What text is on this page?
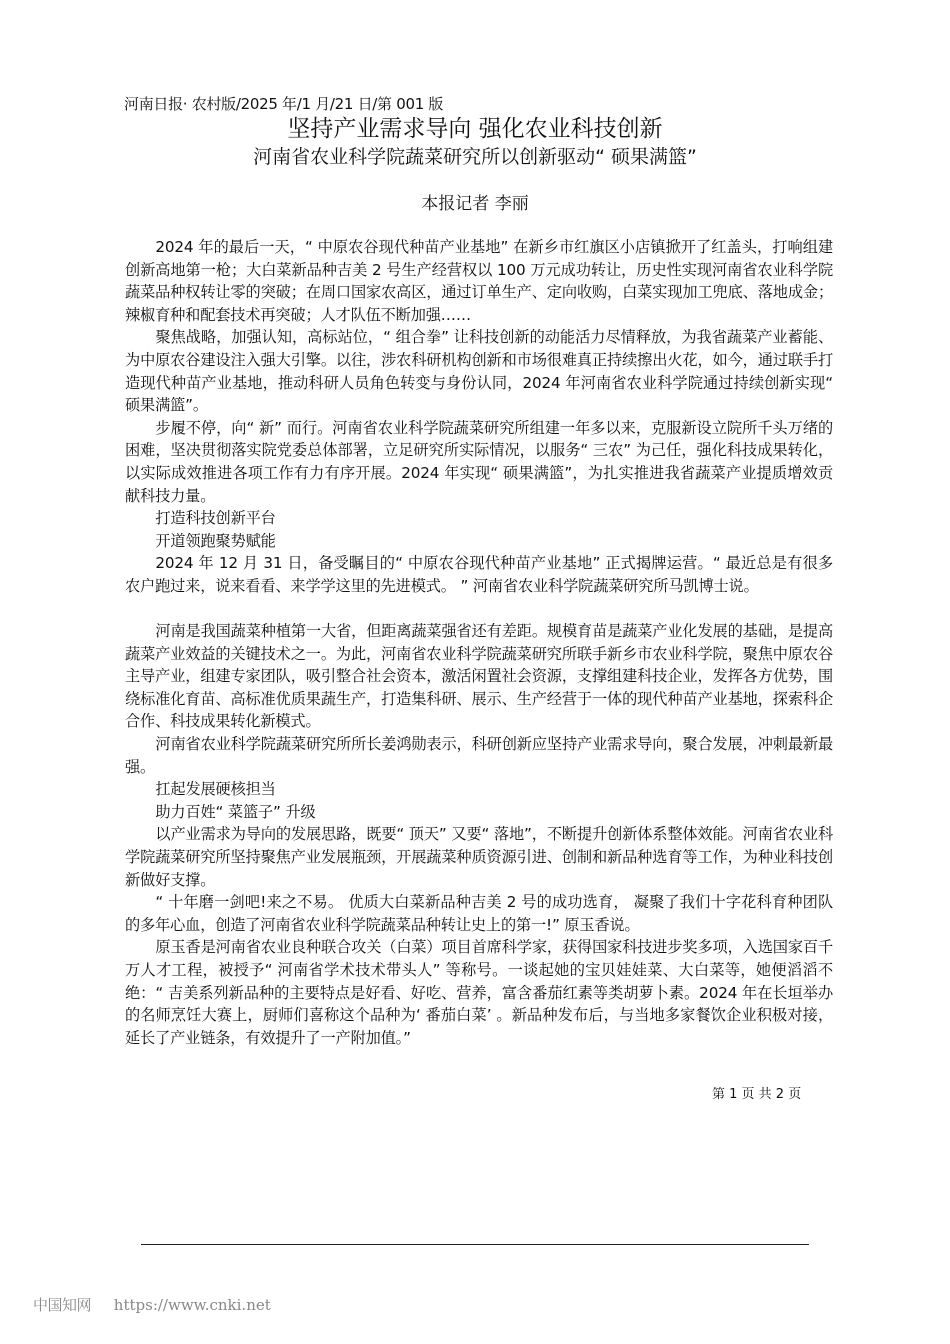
河南日报· 农村版/2025 年/1 月/21 日/第 001 版
坚持产业需求导向 强化农业科技创新
河南省农业科学院蔬菜研究所以创新驱动“ 硕果满篮”
本报记者 李丽

2024 年的最后一天，“ 中原农谷现代种苗产业基地” 在新乡市红旗区小店镇掀开了红盖头，打响组建创新高地第一枪；大白菜新品种吉美 2 号生产经营权以 100 万元成功转让，历史性实现河南省农业科学院蔬菜品种权转让零的突破；在周口国家农高区，通过订单生产、定向收购，白菜实现加工兜底、落地成金；辣椒育种和配套技术再突破；人才队伍不断加强……

聚焦战略，加强认知，高标站位，“ 组合拳” 让科技创新的动能活力尽情释放，为我省蔬菜产业蓄能、为中原农谷建设注入强大引擎。以往，涉农科研机构创新和市场很难真正持续擦出火花，如今，通过联手打造现代种苗产业基地，推动科研人员角色转变与身份认同，2024 年河南省农业科学院通过持续创新实现“ 硕果满篮”。

步履不停，向“ 新” 而行。河南省农业科学院蔬菜研究所组建一年多以来，克服新设立院所千头万绪的困难，坚决贯彻落实院党委总体部署，立足研究所实际情况，以服务“ 三农” 为己任，强化科技成果转化，以实际成效推进各项工作有力有序开展。2024 年实现“ 硕果满篮”，为扎实推进我省蔬菜产业提质增效贡献科技力量。

打造科技创新平台

开道领跑聚势赋能

2024 年 12 月 31 日，备受瞩目的“ 中原农谷现代种苗产业基地” 正式揭牌运营。“ 最近总是有很多农户跑过来，说来看看、来学学这里的先进模式。 ” 河南省农业科学院蔬菜研究所马凯博士说。

河南是我国蔬菜种植第一大省，但距离蔬菜强省还有差距。规模育苗是蔬菜产业化发展的基础，是提高蔬菜产业效益的关键技术之一。为此，河南省农业科学院蔬菜研究所联手新乡市农业科学院，聚焦中原农谷主导产业，组建专家团队，吸引整合社会资本，激活闲置社会资源，支撑组建科技企业，发挥各方优势，围绕标准化育苗、高标准优质果蔬生产，打造集科研、展示、生产经营于一体的现代种苗产业基地，探索科企合作、科技成果转化新模式。

河南省农业科学院蔬菜研究所所长姜鸿勋表示，科研创新应坚持产业需求导向，聚合发展，冲刺最新最强。

扛起发展硬核担当

助力百姓“ 菜篮子” 升级

以产业需求为导向的发展思路，既要“ 顶天” 又要“ 落地”，不断提升创新体系整体效能。河南省农业科学院蔬菜研究所坚持聚焦产业发展瓶颈，开展蔬菜种质资源引进、创制和新品种选育等工作，为种业科技创新做好支撑。

“ 十年磨一剑吧!来之不易。 优质大白菜新品种吉美 2 号的成功选育， 凝聚了我们十字花科育种团队的多年心血，创造了河南省农业科学院蔬菜品种转让史上的第一!” 原玉香说。

原玉香是河南省农业良种联合攻关（白菜）项目首席科学家，获得国家科技进步奖多项，入选国家百千万人才工程，被授予“ 河南省学术技术带头人” 等称号。一谈起她的宝贝娃娃菜、大白菜等，她便滔滔不绝：“ 吉美系列新品种的主要特点是好看、好吃、营养，富含番茄红素等类胡萝卜素。2024 年在长垣举办的名师烹饪大赛上，厨师们喜称这个品种为‘ 番茄白菜’ 。新品种发布后，与当地多家餐饮企业积极对接，延长了产业链条，有效提升了一产附加值。”

第 1 页 共 2 页
中国知网 https://www.cnki.net
